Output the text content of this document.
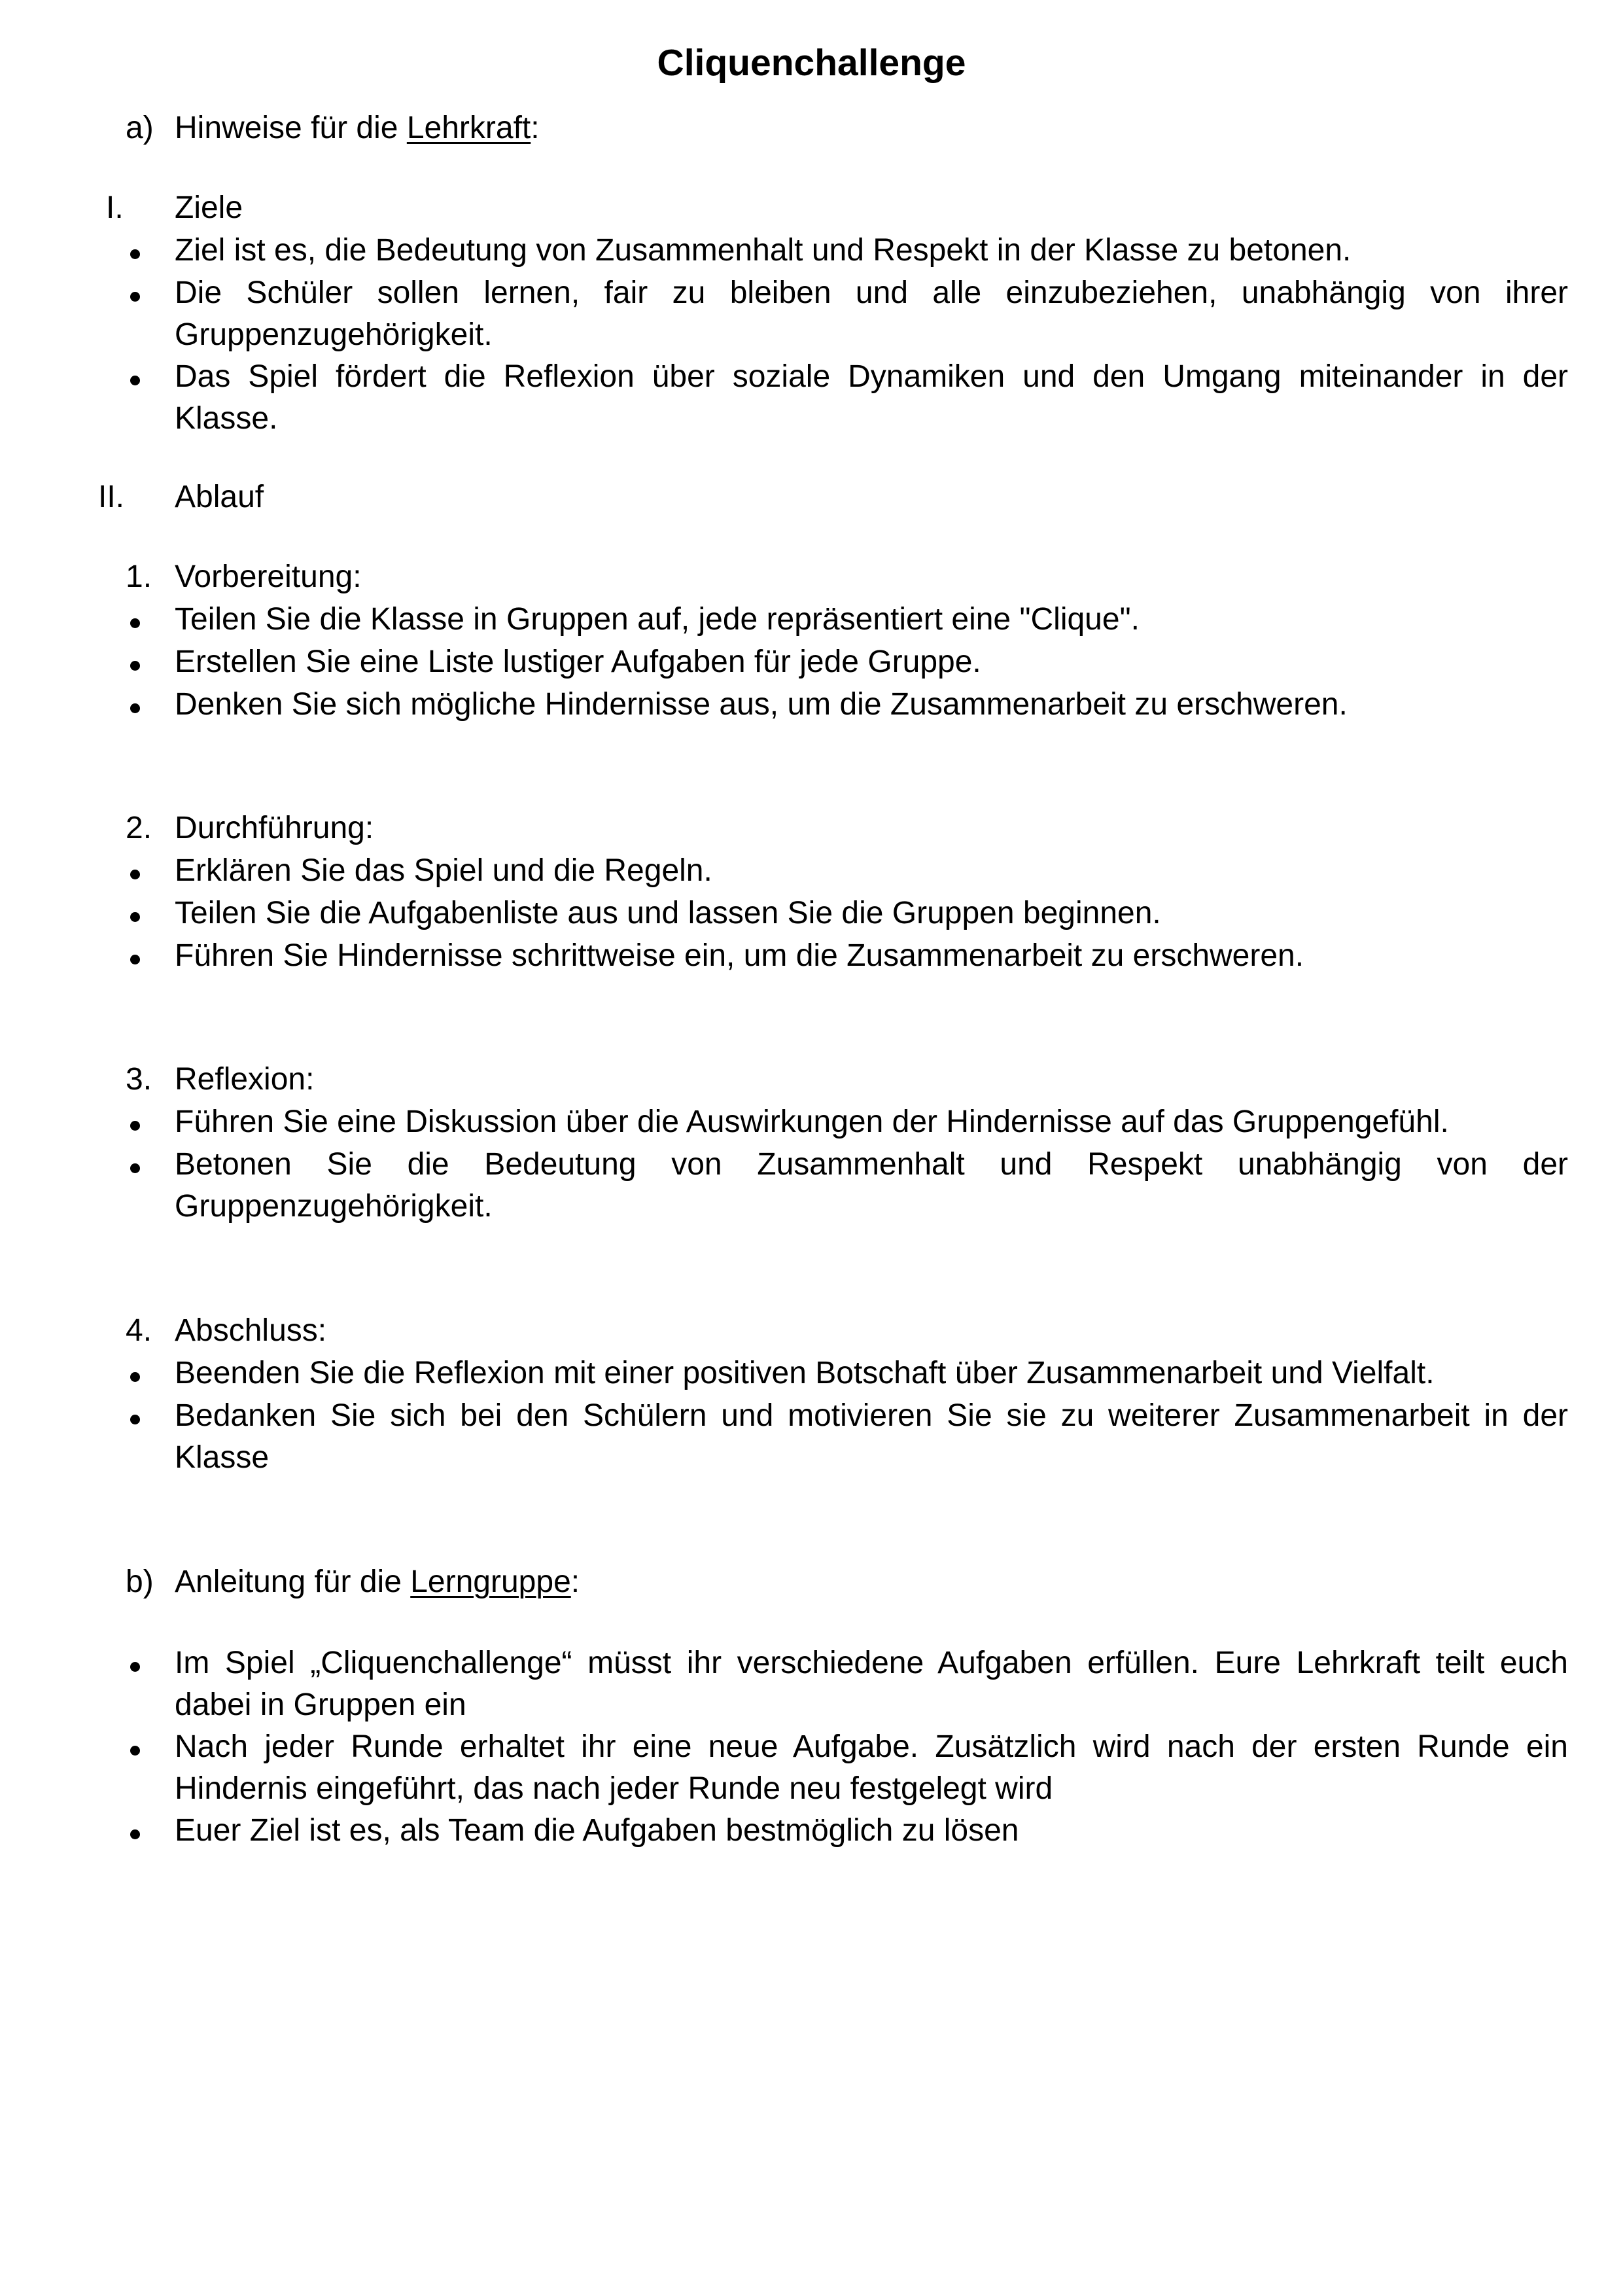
Cliquenchallenge
a) Hinweise für die Lehrkraft:
I. Ziele
Ziel ist es, die Bedeutung von Zusammenhalt und Respekt in der Klasse zu betonen.
Die Schüler sollen lernen, fair zu bleiben und alle einzubeziehen, unabhängig von ihrer
Gruppenzugehörigkeit.
Das Spiel fördert die Reflexion über soziale Dynamiken und den Umgang miteinander in der
Klasse.
II. Ablauf
1. Vorbereitung:
Teilen Sie die Klasse in Gruppen auf, jede repräsentiert eine "Clique".
Erstellen Sie eine Liste lustiger Aufgaben für jede Gruppe.
Denken Sie sich mögliche Hindernisse aus, um die Zusammenarbeit zu erschweren.
2. Durchführung:
Erklären Sie das Spiel und die Regeln.
Teilen Sie die Aufgabenliste aus und lassen Sie die Gruppen beginnen.
Führen Sie Hindernisse schrittweise ein, um die Zusammenarbeit zu erschweren.
3. Reflexion:
Führen Sie eine Diskussion über die Auswirkungen der Hindernisse auf das Gruppengefühl.
Betonen Sie die Bedeutung von Zusammenhalt und Respekt unabhängig von der
Gruppenzugehörigkeit.
4. Abschluss:
Beenden Sie die Reflexion mit einer positiven Botschaft über Zusammenarbeit und Vielfalt.
Bedanken Sie sich bei den Schülern und motivieren Sie sie zu weiterer Zusammenarbeit in der
Klasse
b) Anleitung für die Lerngruppe:
Im Spiel „Cliquenchallenge“ müsst ihr verschiedene Aufgaben erfüllen. Eure Lehrkraft teilt euch
dabei in Gruppen ein
Nach jeder Runde erhaltet ihr eine neue Aufgabe. Zusätzlich wird nach der ersten Runde ein
Hindernis eingeführt, das nach jeder Runde neu festgelegt wird
Euer Ziel ist es, als Team die Aufgaben bestmöglich zu lösen
